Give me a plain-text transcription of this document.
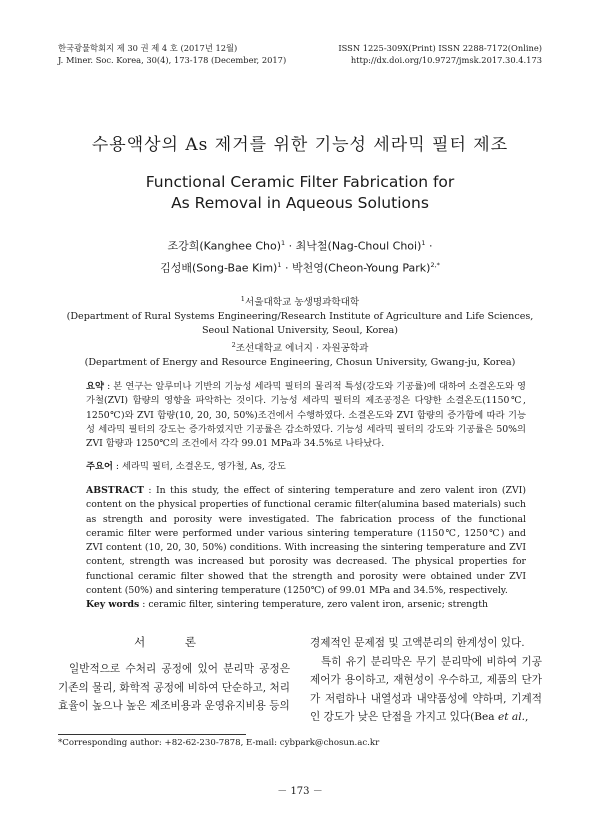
한국광물학회지 제 30 권 제 4 호 (2017년 12월)
J. Miner. Soc. Korea, 30(4), 173-178 (December, 2017)
ISSN 1225-309X(Print) ISSN 2288-7172(Online)
http://dx.doi.org/10.9727/jmsk.2017.30.4.173
수용액상의 As 제거를 위한 기능성 세라믹 필터 제조
Functional Ceramic Filter Fabrication for
As Removal in Aqueous Solutions
조강희(Kanghee Cho)$^1$ · 최낙철(Nag-Choul Choi)$^1$ ·
김성배(Song-Bae Kim)$^1$ · 박천영(Cheon-Young Park)$^{2,*}$
$^1$서울대학교 농생명과학대학
(Department of Rural Systems Engineering/Research Institute of Agriculture and Life Sciences,
Seoul National University, Seoul, Korea)
$^2$조선대학교 에너지 · 자원공학과
(Department of Energy and Resource Engineering, Chosun University, Gwang-ju, Korea)
요약 : 본 연구는 알루미나 기반의 기능성 세라믹 필터의 물리적 특성(강도와 기공률)에 대하여 소결온도와 영가철(ZVI) 함량의 영향을 파악하는 것이다. 기능성 세라믹 필터의 제조공정은 다양한 소결온도(1150℃, 1250℃)와 ZVI 함량(10, 20, 30, 50%)조건에서 수행하였다. 소결온도와 ZVI 함량의 증가함에 따라 기능성 세라믹 필터의 강도는 증가하였지만 기공률은 감소하였다. 기능성 세라믹 필터의 강도와 기공률은 50%의 ZVI 함량과 1250℃의 조건에서 각각 99.01 MPa과 34.5%로 나타났다.
주요어 : 세라믹 필터, 소결온도, 영가철, As, 강도
ABSTRACT : In this study, the effect of sintering temperature and zero valent iron (ZVI) content on the physical properties of functional ceramic filter(alumina based materials) such as strength and porosity were investigated. The fabrication process of the functional ceramic filter were performed under various sintering temperature (1150℃, 1250℃) and ZVI content (10, 20, 30, 50%) conditions. With increasing the sintering temperature and ZVI content, strength was increased but porosity was decreased. The physical properties for functional ceramic filter showed that the strength and porosity were obtained under ZVI content (50%) and sintering temperature (1250℃) of 99.01 MPa and 34.5%, respectively.
Key words : ceramic filter, sintering temperature, zero valent iron, arsenic; strength
서 론
일반적으로 수처리 공정에 있어 분리막 공정은 기존의 물리, 화학적 공정에 비하여 단순하고, 처리 효율이 높으나 높은 제조비용과 운영유지비용 등의
경제적인 문제점 및 고액분리의 한계성이 있다.
특히 유기 분리막은 무기 분리막에 비하여 기공 제어가 용이하고, 재현성이 우수하고, 제품의 단가가 저렴하나 내열성과 내약품성에 약하며, 기계적인 강도가 낮은 단점을 가지고 있다(Bea et al.,
*Corresponding author: +82-62-230-7878, E-mail: cybpark@chosun.ac.kr
－ 173 －
